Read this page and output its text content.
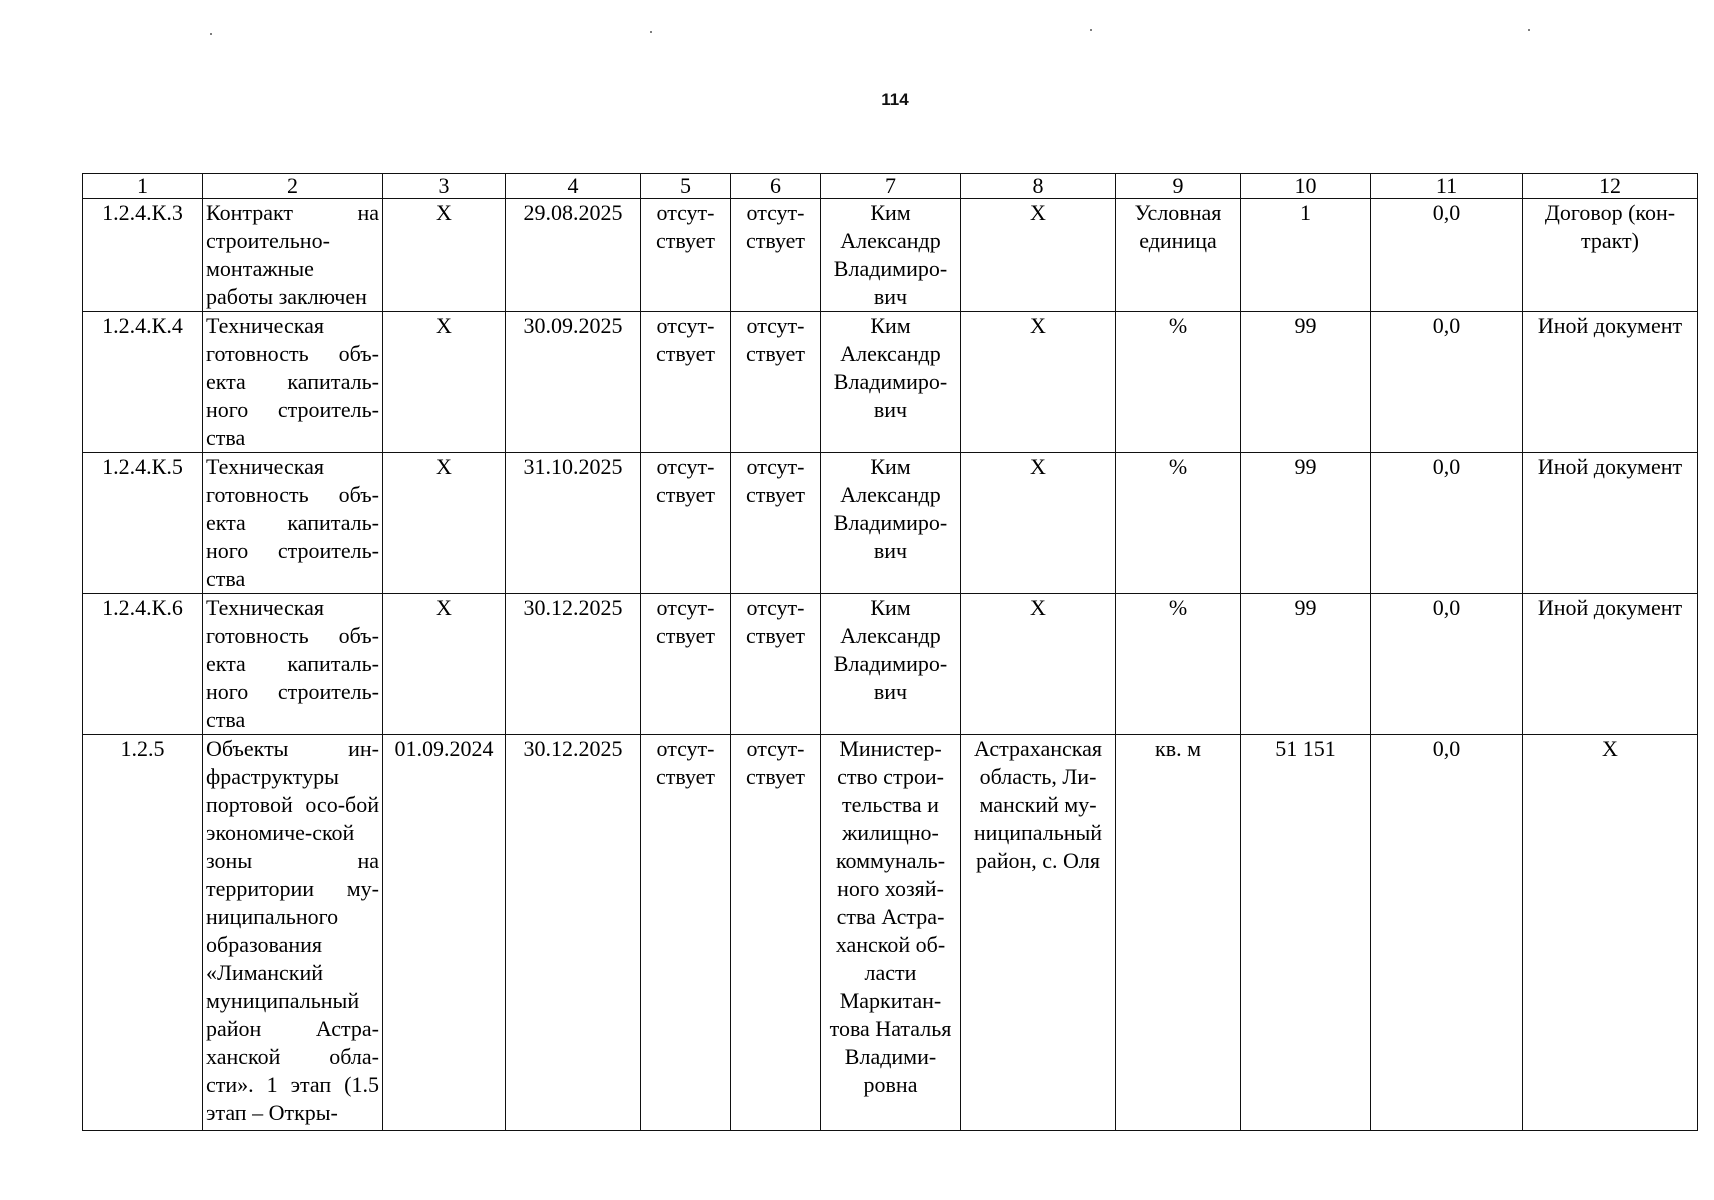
114
1	2	3	4	5	6	7	8	9	10	11	12
1.2.4.К.3	Контракт на строительно-монтажные работы заключен	X	29.08.2025	отсут-ствует	отсут-ствует	Ким Александр Владимиро-вич	X	Условная единица	1	0,0	Договор (кон-тракт)
1.2.4.К.4	Техническая готовность объ-екта капиталь-ного строитель-ства	X	30.09.2025	отсут-ствует	отсут-ствует	Ким Александр Владимиро-вич	X	%	99	0,0	Иной документ
1.2.4.К.5	Техническая готовность объ-екта капиталь-ного строитель-ства	X	31.10.2025	отсут-ствует	отсут-ствует	Ким Александр Владимиро-вич	X	%	99	0,0	Иной документ
1.2.4.К.6	Техническая готовность объ-екта капиталь-ного строитель-ства	X	30.12.2025	отсут-ствует	отсут-ствует	Ким Александр Владимиро-вич	X	%	99	0,0	Иной документ
1.2.5	Объекты ин-фраструктуры портовой осо-бой экономиче-ской зоны на территории му-ниципального образования «Лиманский муниципальный район Астра-ханской обла-сти». 1 этап (1.5 этап – Откры-	01.09.2024	30.12.2025	отсут-ствует	отсут-ствует	Министер-ство строи-тельства и жилищно-коммуналь-ного хозяй-ства Астра-ханской об-ласти Маркитан-това Наталья Владими-ровна	Астраханская область, Ли-манский му-ниципальный район, с. Оля	кв. м	51 151	0,0	X
